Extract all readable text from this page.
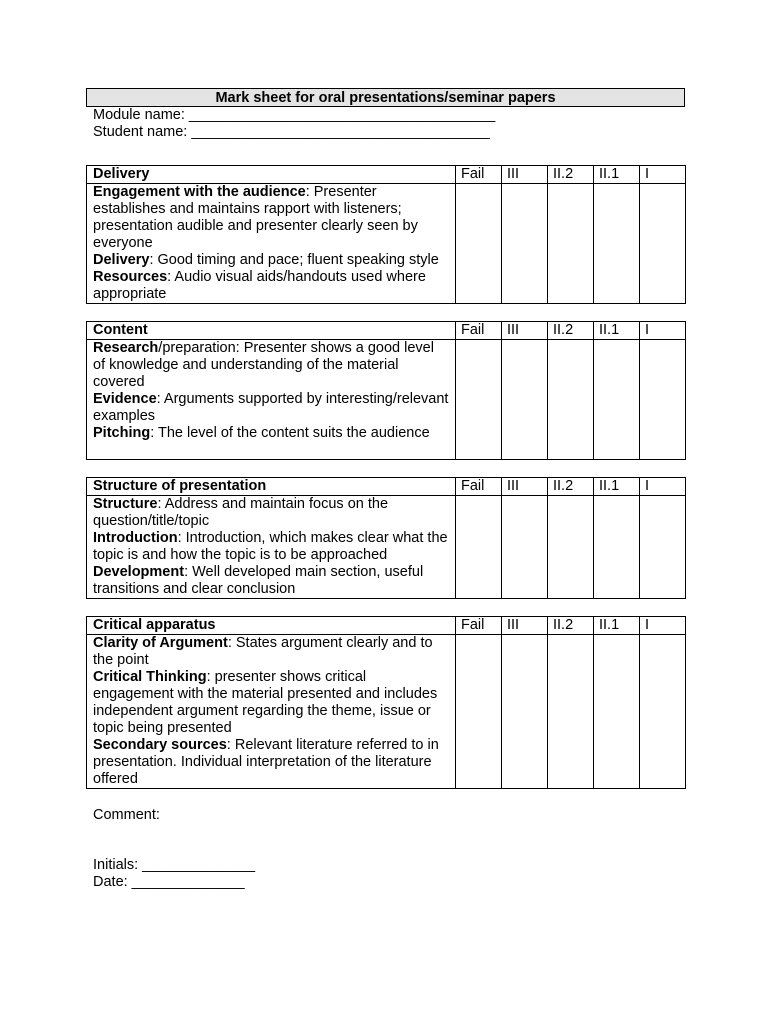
Mark sheet for oral presentations/seminar papers
Module name: ______________________________________
Student name: _____________________________________
Delivery	Fail	III	II.2	II.1	I

Engagement with the audience: Presenter establishes and maintains rapport with listeners; presentation audible and presenter clearly seen by everyone
Delivery: Good timing and pace; fluent speaking style
Resources: Audio visual aids/handouts used where appropriate					

Content	Fail	III	II.2	II.1	I

Research/preparation: Presenter shows a good level of knowledge and understanding of the material covered
Evidence: Arguments supported by interesting/relevant examples
Pitching: The level of the content suits the audience					

Structure of presentation	Fail	III	II.2	II.1	I

Structure: Address and maintain focus on the question/title/topic
Introduction: Introduction, which makes clear what the topic is and how the topic is to be approached
Development: Well developed main section, useful transitions and clear conclusion					

Critical apparatus	Fail	III	II.2	II.1	I

Clarity of Argument: States argument clearly and to the point
Critical Thinking: presenter shows critical engagement with the material presented and includes independent argument regarding the theme, issue or topic being presented
Secondary sources: Relevant literature referred to in presentation. Individual interpretation of the literature offered					

Comment:
Initials: ______________
Date: ______________
